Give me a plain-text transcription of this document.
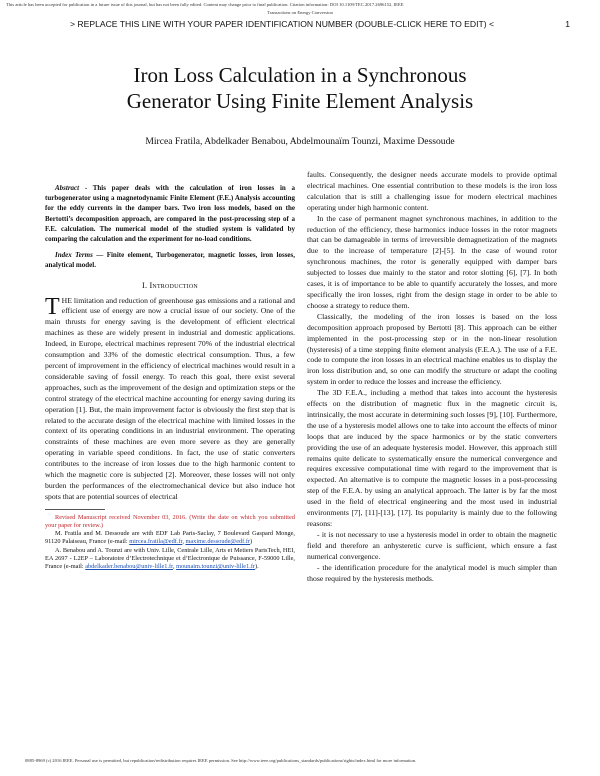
This article has been accepted for publication in a future issue of this journal, but has not been fully edited. Content may change prior to final publication. Citation information: DOI 10.1109/TEC.2017.2696152, IEEE
Transactions on Energy Conversion
> REPLACE THIS LINE WITH YOUR PAPER IDENTIFICATION NUMBER (DOUBLE-CLICK HERE TO EDIT) <	1
Iron Loss Calculation in a Synchronous
Generator Using Finite Element Analysis
Mircea Fratila, Abdelkader Benabou, Abdelmounaïm Tounzi, Maxime Dessoude

Abstract - This paper deals with the calculation of iron losses in a turbogenerator using a magnetodynamic Finite Element (F.E.) Analysis accounting for the eddy currents in the damper bars. Two iron loss models, based on the Bertotti’s decomposition approach, are compared in the post-processing step of a F.E. calculation. The numerical model of the studied system is validated by comparing the calculation and the experiment for no-load conditions.

Index Terms — Finite element, Turbogenerator, magnetic losses, iron losses, analytical model.

I. Introduction

THE limitation and reduction of greenhouse gas emissions and a rational and efficient use of energy are now a crucial issue of our society. One of the main thrusts for energy saving is the development of efficient electrical machines as these are widely present in industrial and domestic applications. Indeed, in Europe, electrical machines represent 70% of the industrial electrical consumption and 33% of the domestic electrical consumption. Thus, a few percent of improvement in the efficiency of electrical machines would result in a considerable saving of fossil energy. To reach this goal, there exist several approaches, such as the improvement of the design and optimization steps or the control strategy of the electrical machine accounting for energy saving during its operation [1]. But, the main improvement factor is obviously the first step that is related to the accurate design of the electrical machine with limited losses in the context of its operating conditions in an industrial environment. The operating constraints of these machines are even more severe as they are generally operating in variable speed conditions. In fact, the use of static converters contributes to the increase of iron losses due to the high harmonic content to which the magnetic core is subjected [2]. Moreover, these losses will not only burden the performances of the electromechanical device but also induce hot spots that are potential sources of electrical

Revised Manuscript received November 03, 2016. (Write the date on which you submitted your paper for review.)

M. Fratila and M. Dessoude are with EDF Lab Paris-Saclay, 7 Boulevard Gaspard Monge, 91120 Palaiseau, France (e-mail: mircea.fratila@edf.fr, maxime.dessoude@edf.fr)

A. Benabou and A. Tounzi are with Univ. Lille, Centrale Lille, Arts et Metiers ParisTech, HEI, EA 2697 - L2EP – Laboratoire d’Electrotechnique et d’Electronique de Puissance, F-59000 Lille, France (e-mail: abdelkader.benabou@univ-lille1.fr, mounaim.tounzi@univ-lille1.fr).

faults. Consequently, the designer needs accurate models to provide optimal electrical machines. One essential contribution to these models is the iron loss calculation that is still a challenging issue for modern electrical machines operating under high harmonic content.

In the case of permanent magnet synchronous machines, in addition to the reduction of the efficiency, these harmonics induce losses in the rotor magnets that can be damageable in terms of irreversible demagnetization of the magnets due to the increase of temperature [2]-[5]. In the case of wound rotor synchronous machines, the rotor is generally equipped with damper bars subjected to losses due mainly to the stator and rotor slotting [6], [7]. In both cases, it is of importance to be able to quantify accurately the losses, and more specifically the iron losses, right from the design stage in order to be able to choose a strategy to reduce them.

Classically, the modeling of the iron losses is based on the loss decomposition approach proposed by Bertotti [8]. This approach can be either implemented in the post-processing step or in the non-linear resolution (hysteresis) of a time stepping finite element analysis (F.E.A.). The use of a F.E. code to compute the iron losses in an electrical machine enables us to display the iron loss distribution and, so one can modify the structure or adapt the cooling system in order to reduce the losses and increase the efficiency.

The 3D F.E.A., including a method that takes into account the hysteresis effects on the distribution of magnetic flux in the magnetic circuit is, intrinsically, the most accurate in determining such losses [9], [10]. Furthermore, the use of a hysteresis model allows one to take into account the effects of minor loops that are induced by the space harmonics or by the static converters providing the use of an adequate hysteresis model. However, this approach still remains quite delicate to systematically ensure the numerical convergence and requires excessive computational time with regard to the improvement that is expected. An alternative is to compute the magnetic losses in a post-processing step of the F.E.A. by using an analytical approach. The latter is by far the most used in the field of electrical engineering and the most used in industrial environments [7], [11]-[13], [17]. Its popularity is mainly due to the following reasons:

- it is not necessary to use a hysteresis model in order to obtain the magnetic field and therefore an anhysteretic curve is sufficient, which ensure a fast numerical convergence.

- the identification procedure for the analytical model is much simpler than those required by the hysteresis methods.

0885-8969 (c) 2016 IEEE. Personal use is permitted, but republication/redistribution requires IEEE permission. See http://www.ieee.org/publications_standards/publications/rights/index.html for more information.
